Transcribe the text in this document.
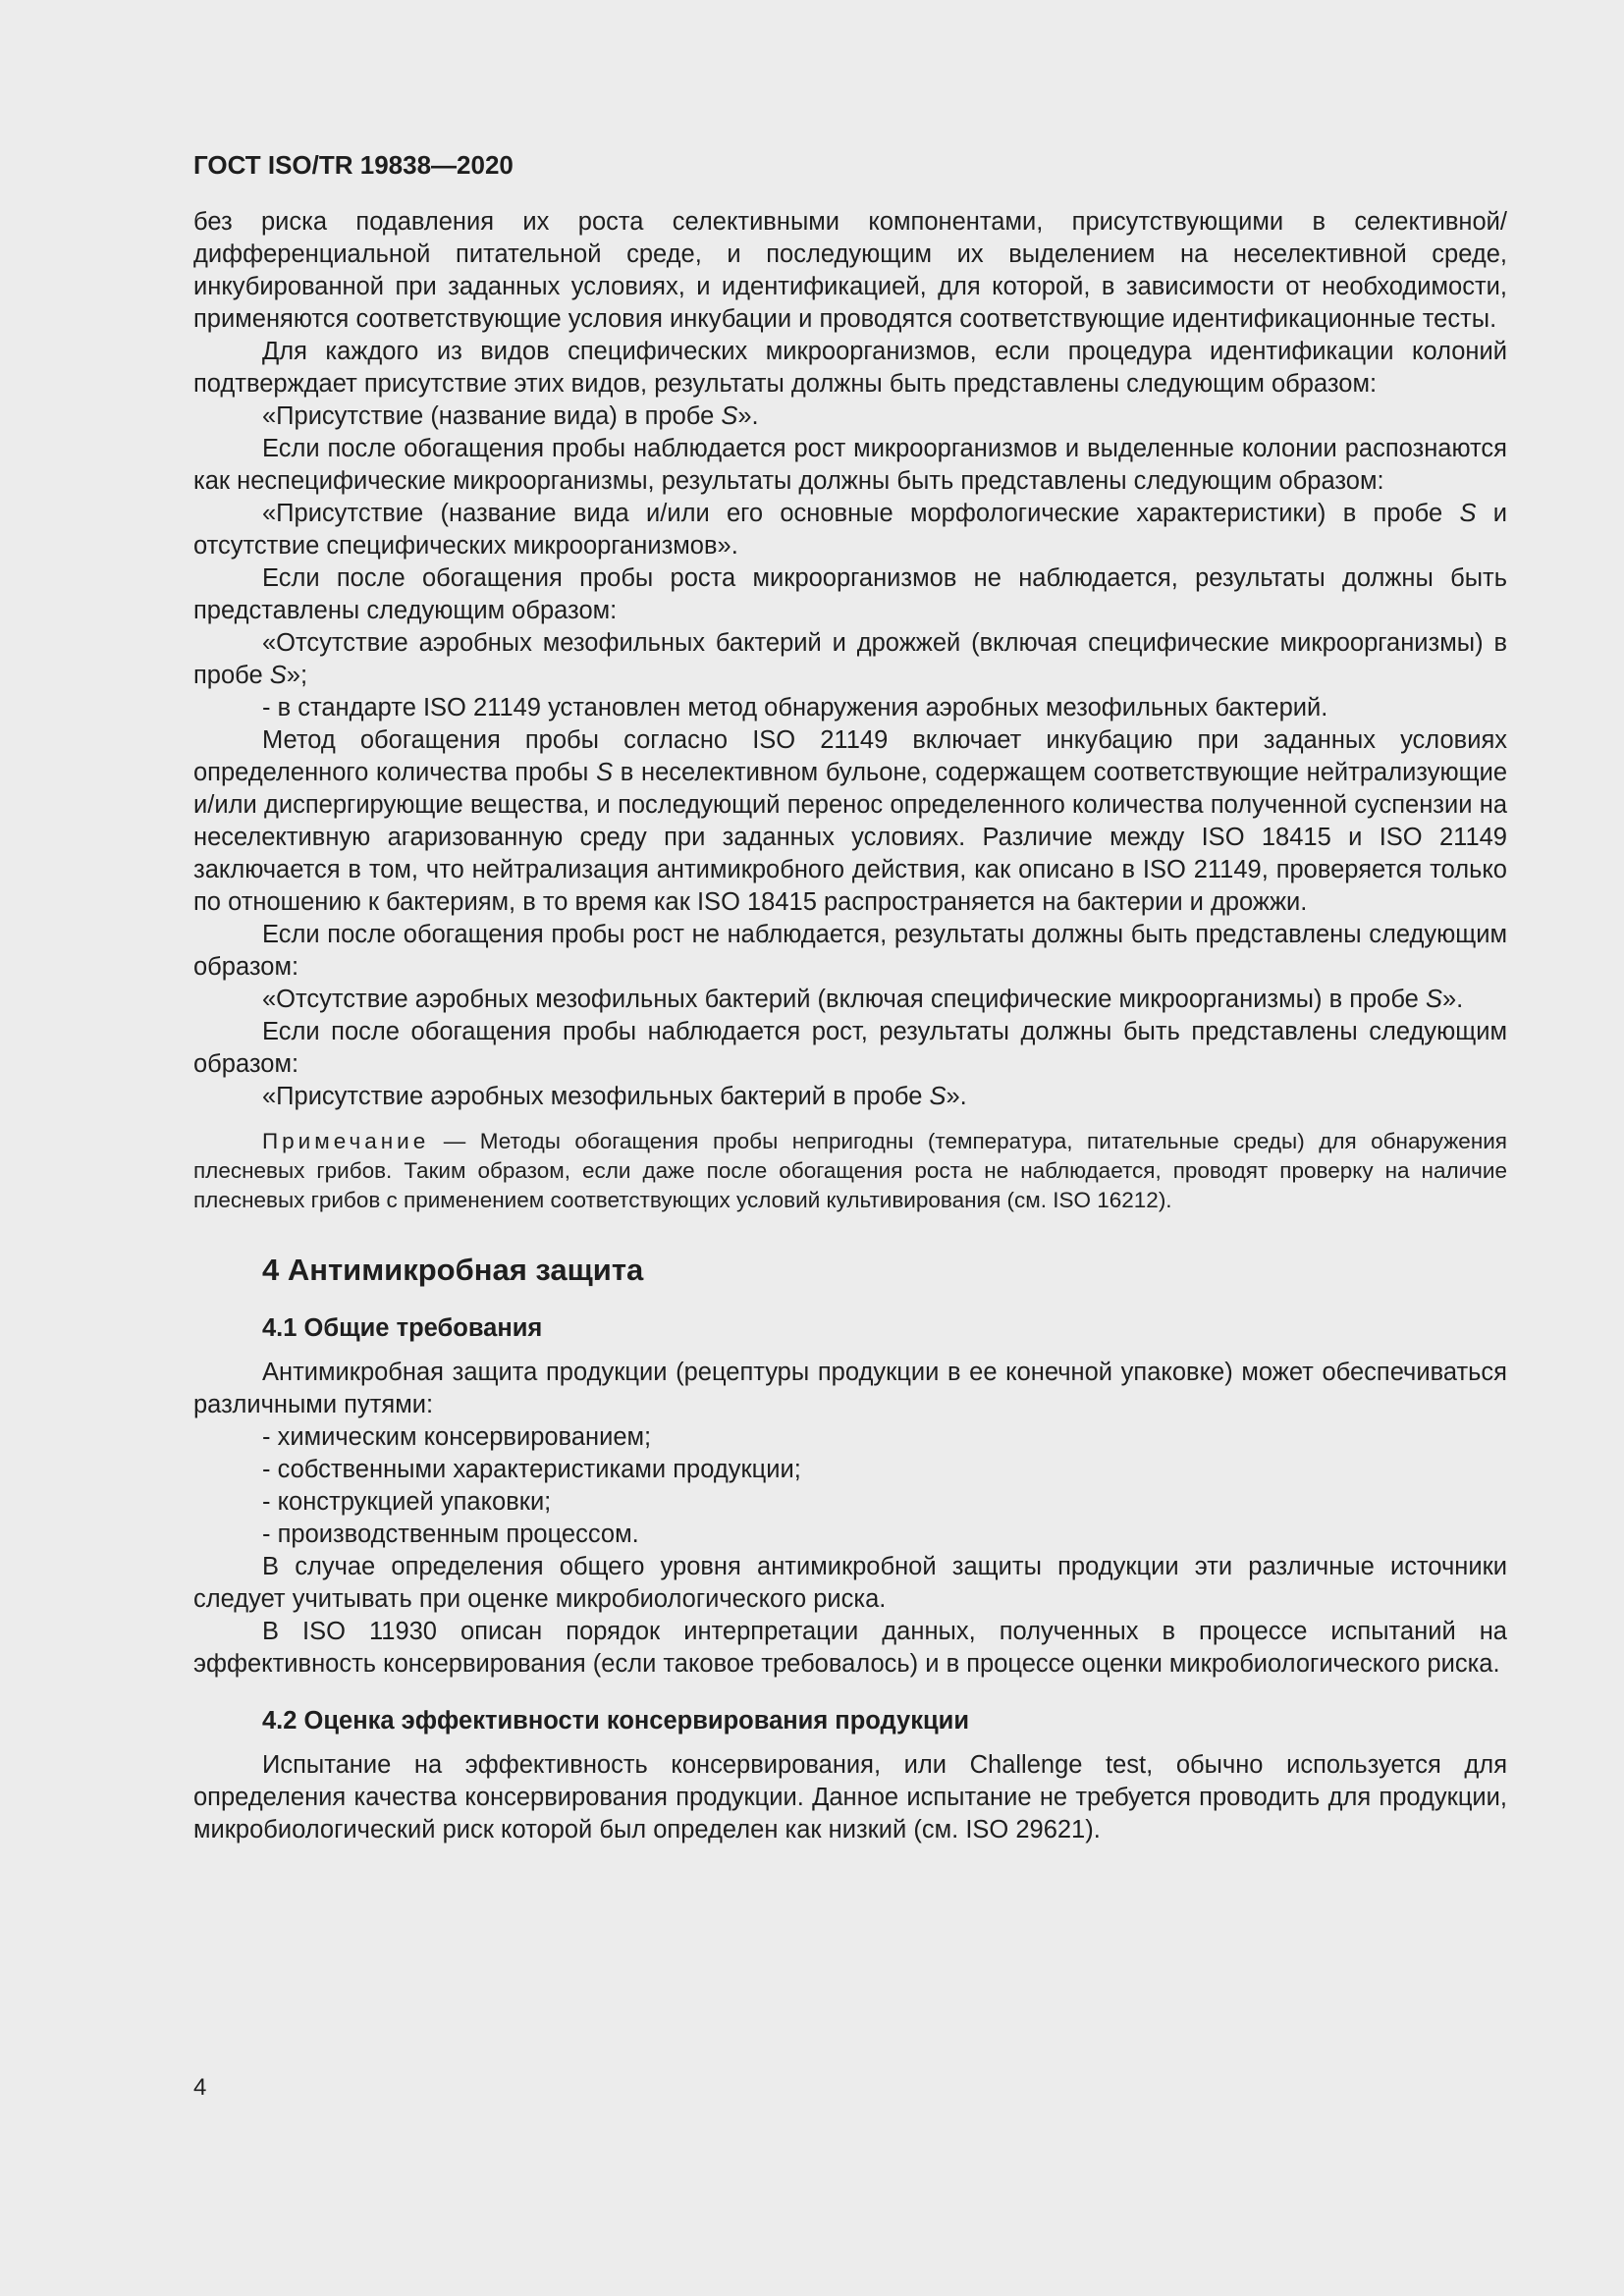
ГОСТ ISO/TR 19838—2020

без риска подавления их роста селективными компонентами, присутствующими в селективной/дифференциальной питательной среде, и последующим их выделением на неселективной среде, инкубированной при заданных условиях, и идентификацией, для которой, в зависимости от необходимости, применяются соответствующие условия инкубации и проводятся соответствующие идентификационные тесты.

Для каждого из видов специфических микроорганизмов, если процедура идентификации колоний подтверждает присутствие этих видов, результаты должны быть представлены следующим образом:

«Присутствие (название вида) в пробе S».

Если после обогащения пробы наблюдается рост микроорганизмов и выделенные колонии распознаются как неспецифические микроорганизмы, результаты должны быть представлены следующим образом:

«Присутствие (название вида и/или его основные морфологические характеристики) в пробе S и отсутствие специфических микроорганизмов».

Если после обогащения пробы роста микроорганизмов не наблюдается, результаты должны быть представлены следующим образом:

«Отсутствие аэробных мезофильных бактерий и дрожжей (включая специфические микроорганизмы) в пробе S»;

- в стандарте ISO 21149 установлен метод обнаружения аэробных мезофильных бактерий.

Метод обогащения пробы согласно ISO 21149 включает инкубацию при заданных условиях определенного количества пробы S в неселективном бульоне, содержащем соответствующие нейтрализующие и/или диспергирующие вещества, и последующий перенос определенного количества полученной суспензии на неселективную агаризованную среду при заданных условиях. Различие между ISO 18415 и ISO 21149 заключается в том, что нейтрализация антимикробного действия, как описано в ISO 21149, проверяется только по отношению к бактериям, в то время как ISO 18415 распространяется на бактерии и дрожжи.

Если после обогащения пробы рост не наблюдается, результаты должны быть представлены следующим образом:

«Отсутствие аэробных мезофильных бактерий (включая специфические микроорганизмы) в пробе S».

Если после обогащения пробы наблюдается рост, результаты должны быть представлены следующим образом:

«Присутствие аэробных мезофильных бактерий в пробе S».

Примечание — Методы обогащения пробы непригодны (температура, питательные среды) для обнаружения плесневых грибов. Таким образом, если даже после обогащения роста не наблюдается, проводят проверку на наличие плесневых грибов с применением соответствующих условий культивирования (см. ISO 16212).
4 Антимикробная защита
4.1 Общие требования

Антимикробная защита продукции (рецептуры продукции в ее конечной упаковке) может обеспечиваться различными путями:

- химическим консервированием;
- собственными характеристиками продукции;
- конструкцией упаковки;
- производственным процессом.

В случае определения общего уровня антимикробной защиты продукции эти различные источники следует учитывать при оценке микробиологического риска.

В ISO 11930 описан порядок интерпретации данных, полученных в процессе испытаний на эффективность консервирования (если таковое требовалось) и в процессе оценки микробиологического риска.

4.2 Оценка эффективности консервирования продукции

Испытание на эффективность консервирования, или Challenge test, обычно используется для определения качества консервирования продукции. Данное испытание не требуется проводить для продукции, микробиологический риск которой был определен как низкий (см. ISO 29621).

4
